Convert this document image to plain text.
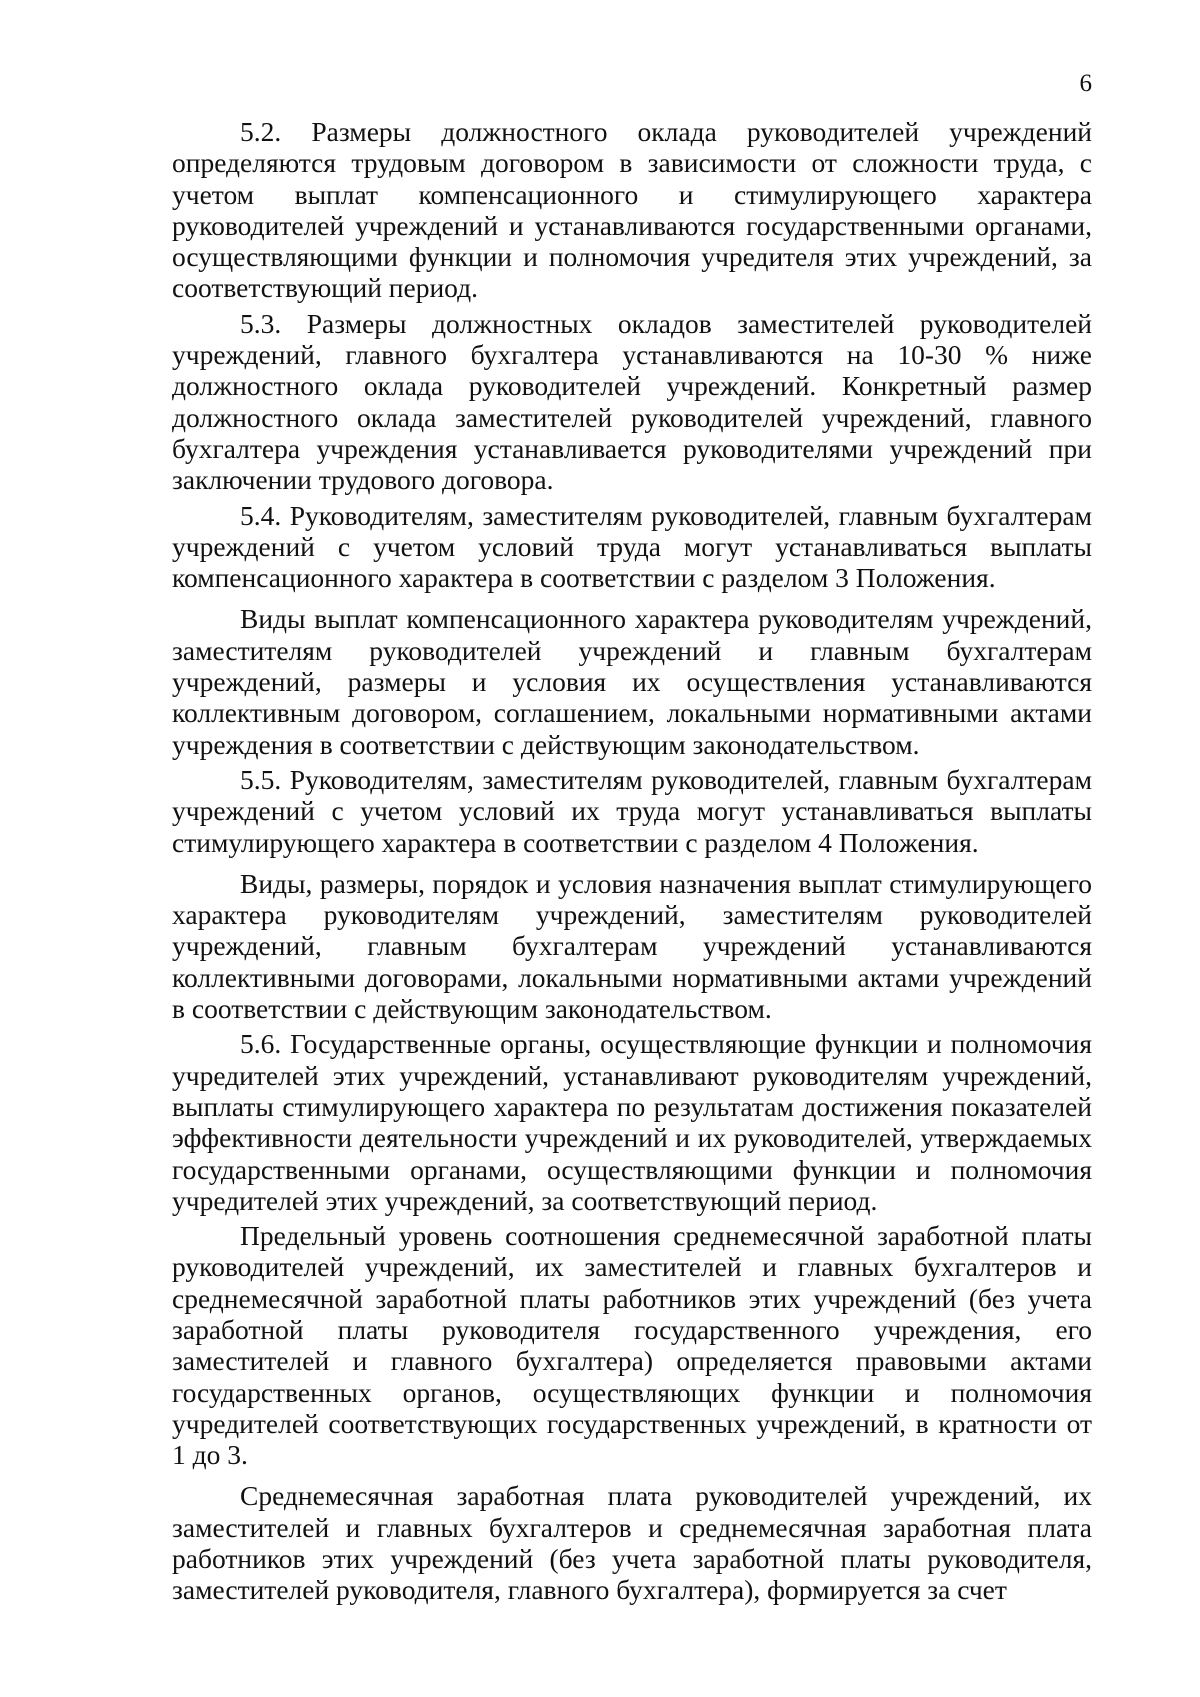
6

5.2. Размеры должностного оклада руководителей учреждений определяются трудовым договором в зависимости от сложности труда, с учетом выплат компенсационного и стимулирующего характера руководителей учреждений и устанавливаются государственными органами, осуществляющими функции и полномочия учредителя этих учреждений, за соответствующий период.

5.3. Размеры должностных окладов заместителей руководителей учреждений, главного бухгалтера устанавливаются на 10-30 % ниже должностного оклада руководителей учреждений. Конкретный размер должностного оклада заместителей руководителей учреждений, главного бухгалтера учреждения устанавливается руководителями учреждений при заключении трудового договора.

5.4. Руководителям, заместителям руководителей, главным бухгалтерам учреждений с учетом условий труда могут устанавливаться выплаты компенсационного характера в соответствии с разделом 3 Положения.

Виды выплат компенсационного характера руководителям учреждений, заместителям руководителей учреждений и главным бухгалтерам учреждений, размеры и условия их осуществления устанавливаются коллективным договором, соглашением, локальными нормативными актами учреждения в соответствии с действующим законодательством.

5.5. Руководителям, заместителям руководителей, главным бухгалтерам учреждений с учетом условий их труда могут устанавливаться выплаты стимулирующего характера в соответствии с разделом 4 Положения.

Виды, размеры, порядок и условия назначения выплат стимулирующего характера руководителям учреждений, заместителям руководителей учреждений, главным бухгалтерам учреждений устанавливаются коллективными договорами, локальными нормативными актами учреждений в соответствии с действующим законодательством.

5.6. Государственные органы, осуществляющие функции и полномочия учредителей этих учреждений, устанавливают руководителям учреждений, выплаты стимулирующего характера по результатам достижения показателей эффективности деятельности учреждений и их руководителей, утверждаемых государственными органами, осуществляющими функции и полномочия учредителей этих учреждений, за соответствующий период.

Предельный уровень соотношения среднемесячной заработной платы руководителей учреждений, их заместителей и главных бухгалтеров и среднемесячной заработной платы работников этих учреждений (без учета заработной платы руководителя государственного учреждения, его заместителей и главного бухгалтера) определяется правовыми актами государственных органов, осуществляющих функции и полномочия учредителей соответствующих государственных учреждений, в кратности от 1 до 3.

Среднемесячная заработная плата руководителей учреждений, их заместителей и главных бухгалтеров и среднемесячная заработная плата работников этих учреждений (без учета заработной платы руководителя, заместителей руководителя, главного бухгалтера), формируется за счет
